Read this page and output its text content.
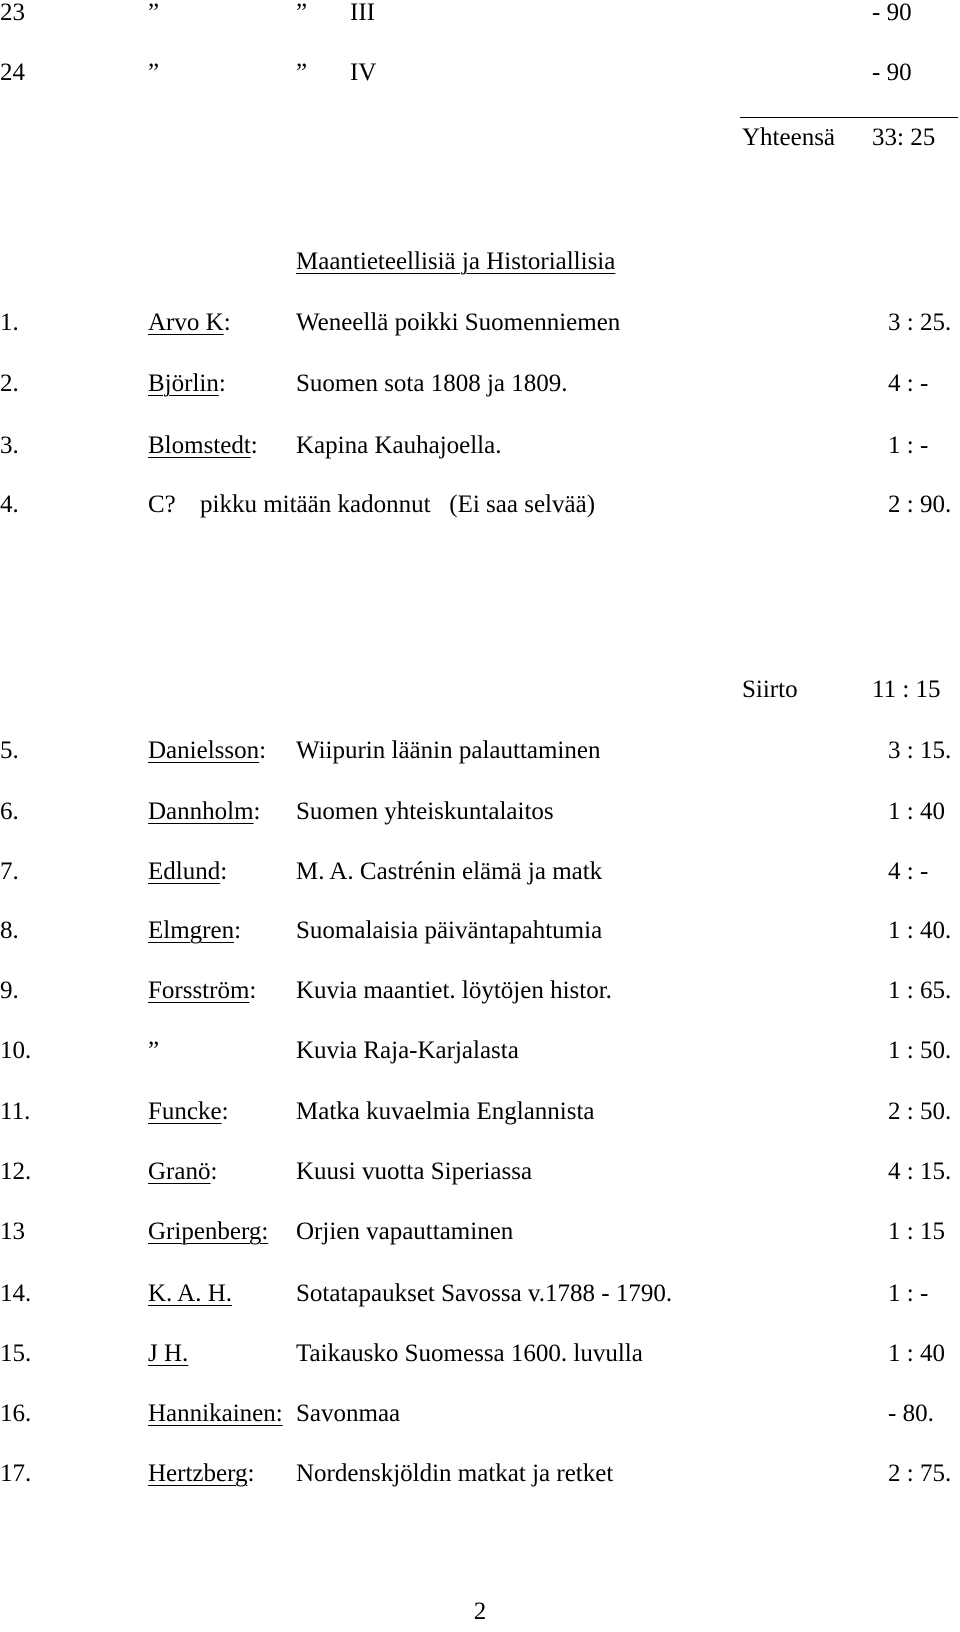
23	”	” III	- 90
24	”	” IV	- 90
Yhteensä 33: 25
Maantieteellisiä ja Historiallisia
1.	Arvo K:	Weneellä poikki Suomenniemen	3 : 25.
2.	Björlin:	Suomen sota 1808 ja 1809.	4 : -
3.	Blomstedt: Kapina Kauhajoella.	1 : -
4.	C? pikku mitään kadonnut   (Ei saa selvää)	2 : 90.
Siirto	11 : 15
5.	Danielsson: Wiipurin läänin palauttaminen	3 : 15.
6.	Dannholm: Suomen yhteiskuntalaitos	1 : 40
7.	Edlund:	M. A. Castrénin elämä ja matk	4 : -
8.	Elmgren: Suomalaisia päiväntapahtumia	1 : 40.
9.	Forsström: Kuvia maantiet. löytöjen histor.	1 : 65.
10.	”	Kuvia Raja-Karjalasta	1 : 50.
11.	Funcke:	Matka kuvaelmia Englannista	2 : 50.
12.	Granö:	Kuusi vuotta Siperiassa	4 : 15.
13	Gripenberg: Orjien vapauttaminen	1 : 15
14.	K. A. H.	Sotatapaukset Savossa v.1788 - 1790.	1 : -
15.	J H.	Taikausko Suomessa 1600. luvulla	1 : 40
16.	Hannikainen: Savonmaa	- 80.
17.	Hertzberg: Nordenskjöldin matkat ja retket	2 : 75.
2
